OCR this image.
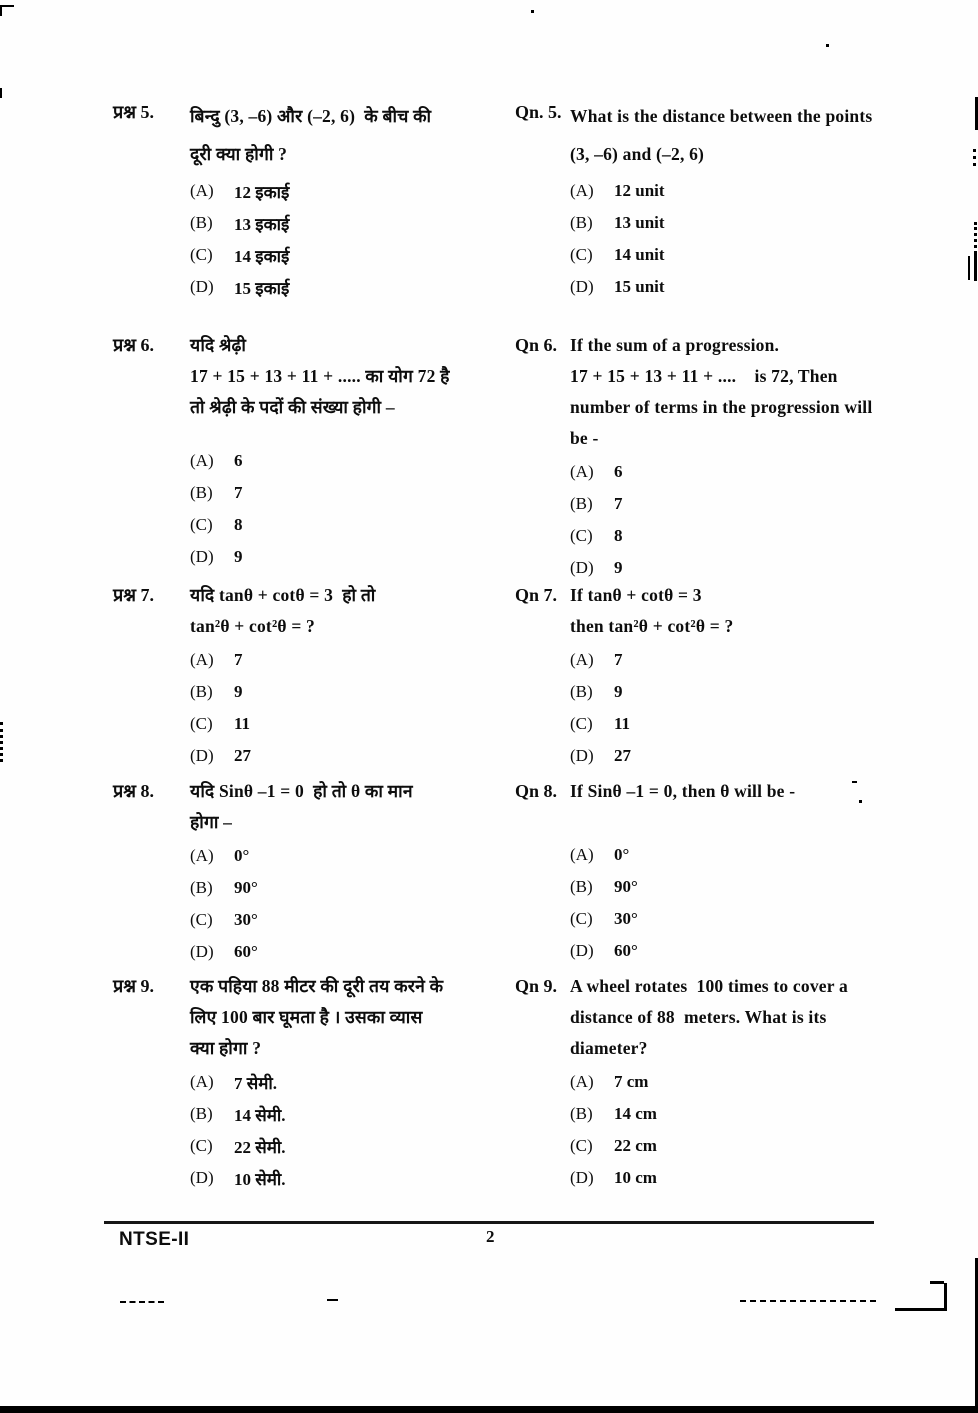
प्रश्न 5.	बिन्दु (3, –6) और (–2, 6)  के बीच की
दूरी क्या होगी ?
(A)	12 इकाई
(B)	13 इकाई
(C)	14 इकाई
(D)	15 इकाई
Qn. 5. What is the distance between the points
(3, –6) and (–2, 6)
(A)	12 unit
(B)	13 unit
(C)	14 unit
(D)	15 unit
प्रश्न 6.	यदि श्रेढ़ी
17 + 15 + 13 + 11 + ..... का योग 72 है
तो श्रेढ़ी के पदों की संख्या होगी –
(A)	6
(B)	7
(C)	8
(D)	9
Qn 6. If the sum of a progression.
17 + 15 + 13 + 11 + ....    is 72, Then
number of terms in the progression will
be -
(A)	6
(B)	7
(C)	8
(D)	9
प्रश्न 7.	यदि tanθ + cotθ = 3  हो तो
tan²θ + cot²θ = ?
(A)	7
(B)	9
(C)	11
(D)	27
Qn 7. If tanθ + cotθ = 3
then tan²θ + cot²θ = ?
(A)	7
(B)	9
(C)	11
(D)	27
प्रश्न 8.	यदि Sinθ –1 = 0  हो तो θ का मान
होगा –
(A)	0°
(B)	90°
(C)	30°
(D)	60°
Qn 8. If Sinθ –1 = 0, then θ will be -
(A)	0°
(B)	90°
(C)	30°
(D)	60°
प्रश्न 9.	एक पहिया 88 मीटर की दूरी तय करने के
लिए 100 बार घूमता है । उसका व्यास
क्या होगा ?
(A)	7 सेमी.
(B)	14 सेमी.
(C)	22 सेमी.
(D)	10 सेमी.
Qn 9. A wheel rotates  100 times to cover a
distance of 88  meters. What is its
diameter?
(A)	7 cm
(B)	14 cm
(C)	22 cm
(D)	10 cm
NTSE-II	2
